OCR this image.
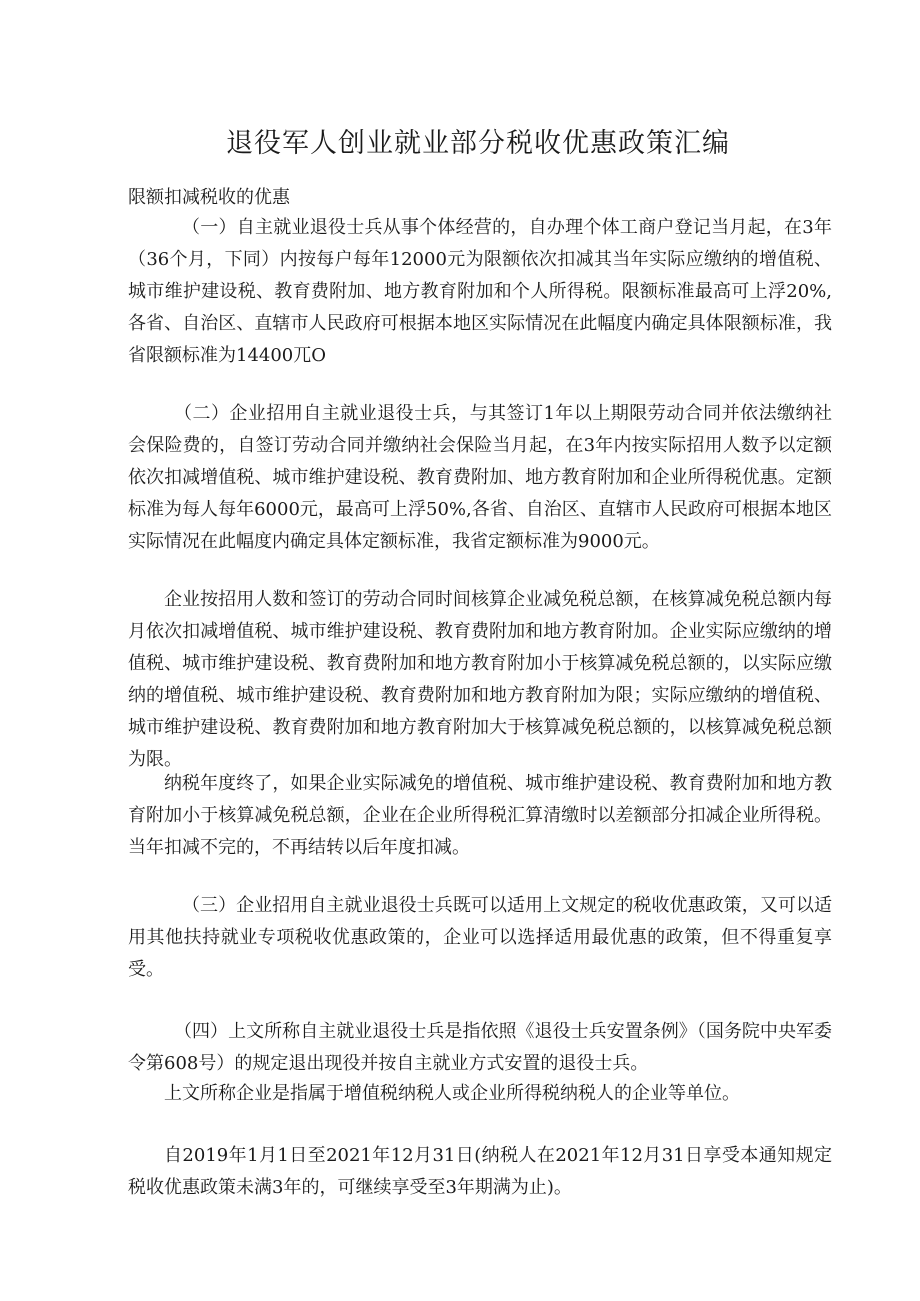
退役军人创业就业部分税收优惠政策汇编

限额扣减税收的优惠

（一）自主就业退役士兵从事个体经营的，自办理个体工商户登记当月起，在3年（36个月，下同）内按每户每年12000元为限额依次扣减其当年实际应缴纳的增值税、城市维护建设税、教育费附加、地方教育附加和个人所得税。限额标准最高可上浮20%,各省、自治区、直辖市人民政府可根据本地区实际情况在此幅度内确定具体限额标准，我省限额标准为14400兀O

（二）企业招用自主就业退役士兵，与其签订1年以上期限劳动合同并依法缴纳社会保险费的，自签订劳动合同并缴纳社会保险当月起，在3年内按实际招用人数予以定额依次扣减增值税、城市维护建设税、教育费附加、地方教育附加和企业所得税优惠。定额标准为每人每年6000元，最高可上浮50%,各省、自治区、直辖市人民政府可根据本地区实际情况在此幅度内确定具体定额标准，我省定额标准为9000元。

企业按招用人数和签订的劳动合同时间核算企业减免税总额，在核算减免税总额内每月依次扣减增值税、城市维护建设税、教育费附加和地方教育附加。企业实际应缴纳的增值税、城市维护建设税、教育费附加和地方教育附加小于核算减免税总额的，以实际应缴纳的增值税、城市维护建设税、教育费附加和地方教育附加为限；实际应缴纳的增值税、城市维护建设税、教育费附加和地方教育附加大于核算减免税总额的，以核算减免税总额为限。

纳税年度终了，如果企业实际减免的增值税、城市维护建设税、教育费附加和地方教育附加小于核算减免税总额，企业在企业所得税汇算清缴时以差额部分扣减企业所得税。当年扣减不完的，不再结转以后年度扣减。

（三）企业招用自主就业退役士兵既可以适用上文规定的税收优惠政策，又可以适用其他扶持就业专项税收优惠政策的，企业可以选择适用最优惠的政策，但不得重复享受。

（四）上文所称自主就业退役士兵是指依照《退役士兵安置条例》（国务院中央军委令第608号）的规定退出现役并按自主就业方式安置的退役士兵。

上文所称企业是指属于增值税纳税人或企业所得税纳税人的企业等单位。

自2019年1月1日至2021年12月31日(纳税人在2021年12月31日享受本通知规定税收优惠政策未满3年的，可继续享受至3年期满为止)。
